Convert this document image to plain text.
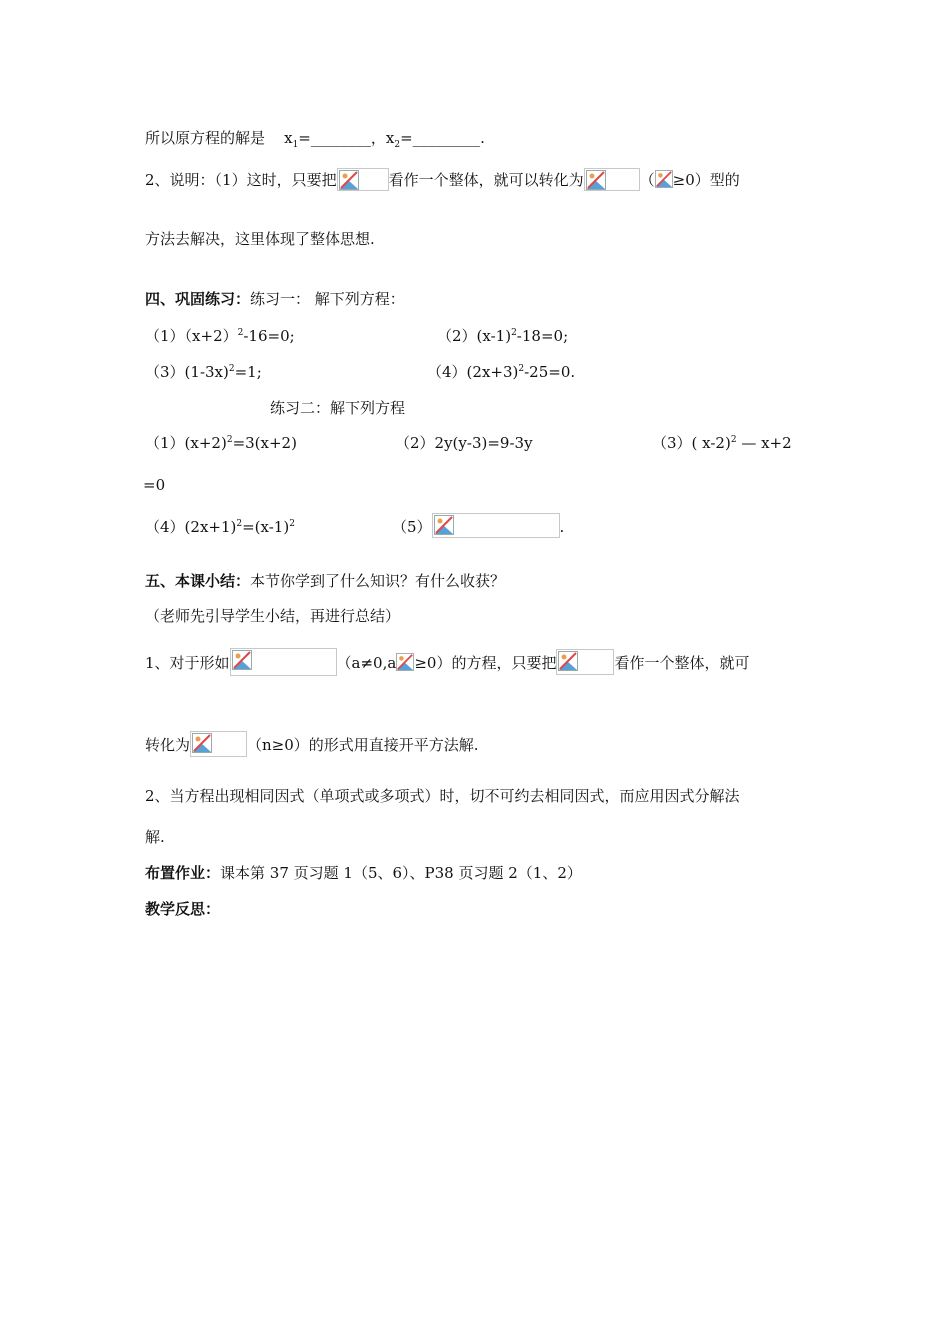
所以原方程的解是 $x_1=\_\_\_\_\_\_\_\_$，$x_2=\_\_\_\_\_\_\_\_\_$.
2、说明：（1）这时，只要把	看作一个整体，就可以转化为	（ ≥0）型的
方法去解决，这里体现了整体思想.
四、巩固练习：练习一： 解下列方程：
$(1)(x+2)^2-16=0$;	$(2)(x-1)^2-18=0$;
$(3)(1-3x)^2=1$;	$(4)(2x+3)^2-25=0$.
练习二：解下列方程
$(1)(x+2)^2=3(x+2)$	（2）2y(y-3)=9-3y	（3）( x-2)$^2$ — x+2
=0
$(4)(2x+1)^2=(x-1)^2$	（5）	.
五、本课小结：本节你学到了什么知识？有什么收获？
（老师先引导学生小结，再进行总结）
1、对于形如	（a≠0,a ≥0）的方程，只要把	看作一个整体，就可
转化为	（n≥0）的形式用直接开平方法解.
2、当方程出现相同因式（单项式或多项式）时，切不可约去相同因式，而应用因式分解法
解.
布置作业：课本第 37 页习题 1（5、6）、P38 页习题 2（1、2）
教学反思：
